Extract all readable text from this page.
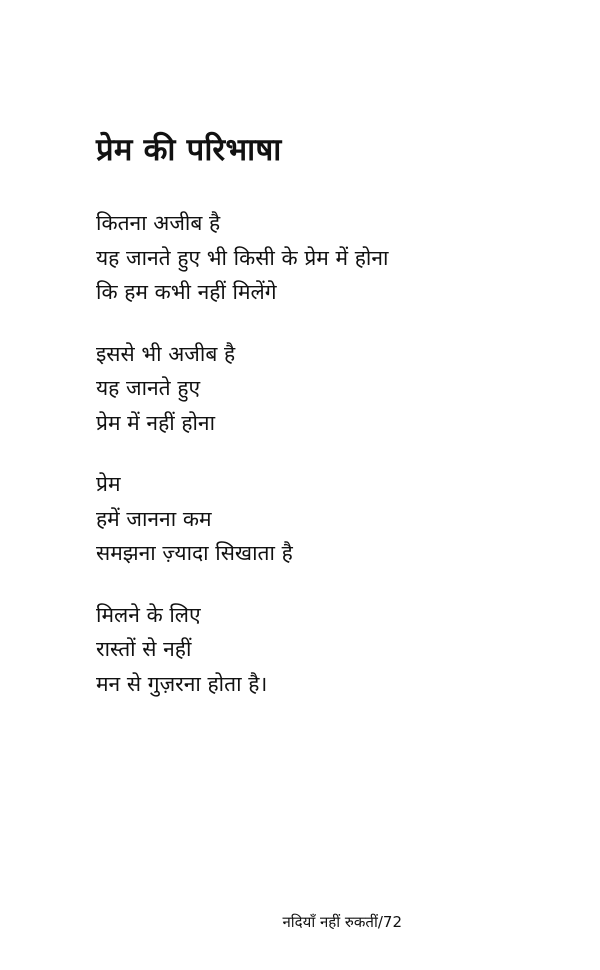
प्रेम की परिभाषा
कितना अजीब है
यह जानते हुए भी किसी के प्रेम में होना
कि हम कभी नहीं मिलेंगे
इससे भी अजीब है
यह जानते हुए
प्रेम में नहीं होना
प्रेम
हमें जानना कम
समझना ज़्यादा सिखाता है
मिलने के लिए
रास्तों से नहीं
मन से गुज़रना होता है।
नदियाँ नहीं रुकतीं/72
